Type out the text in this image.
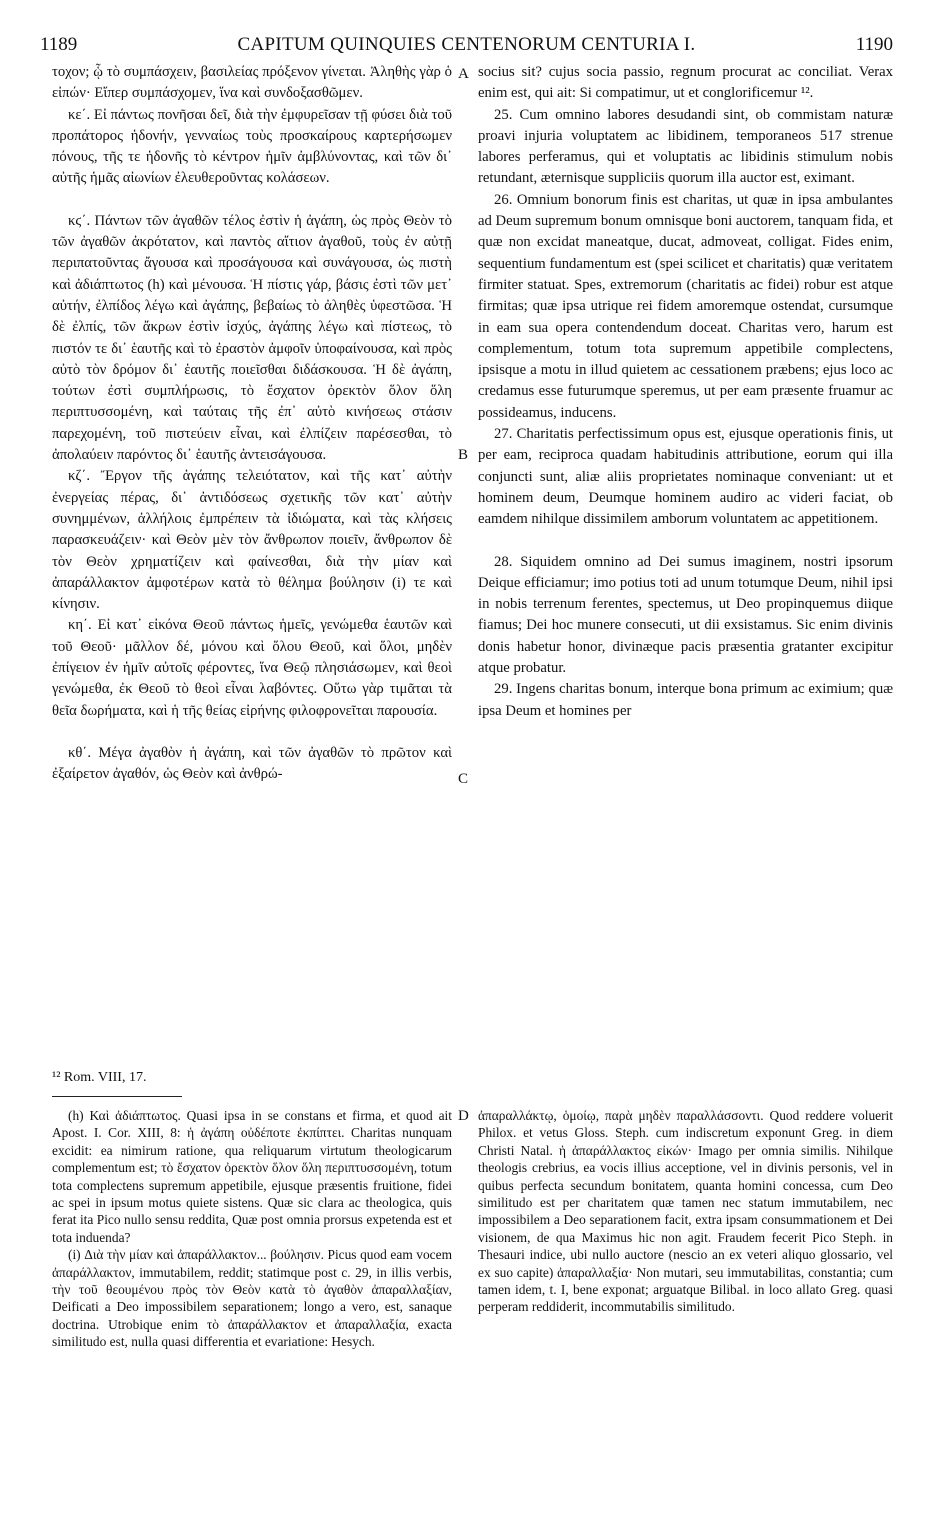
1189	CAPITUM QUINQUIES CENTENORUM CENTURIA I.	1190

τοχον; ᾧ τὸ συμπάσχειν, βασιλείας πρόξενον γίνεται. Ἀληθὴς γὰρ ὁ εἰπών· Εἴπερ συμπάσχομεν, ἵνα καὶ συνδοξασθῶμεν.

κε΄. Εἰ πάντως πονῆσαι δεῖ, διὰ τὴν ἐμφυρεῖσαν τῇ φύσει διὰ τοῦ προπάτορος ἡδονήν, γενναίως τοὺς προσκαίρους καρτερήσωμεν πόνους, τῆς τε ἡδονῆς τὸ κέντρον ἡμῖν ἀμβλύνοντας, καὶ τῶν δι᾿ αὐτῆς ἡμᾶς αἰωνίων ἐλευθεροῦντας κολάσεων.

κϛ΄. Πάντων τῶν ἀγαθῶν τέλος ἐστὶν ἡ ἀγάπη, ὡς πρὸς Θεὸν τὸ τῶν ἀγαθῶν ἀκρότατον, καὶ παντὸς αἴτιον ἀγαθοῦ, τοὺς ἐν αὐτῇ περιπατοῦντας ἄγουσα καὶ προσάγουσα καὶ συνάγουσα, ὡς πιστὴ καὶ ἀδιάπτωτος (h) καὶ μένουσα. Ἡ πίστις γάρ, βάσις ἐστὶ τῶν μετ᾿ αὐτήν, ἐλπίδος λέγω καὶ ἀγάπης, βεβαίως τὸ ἀληθὲς ὑφεστῶσα. Ἡ δὲ ἐλπίς, τῶν ἄκρων ἐστὶν ἰσχύς, ἀγάπης λέγω καὶ πίστεως, τὸ πιστόν τε δι᾿ ἑαυτῆς καὶ τὸ ἐραστὸν ἀμφοῖν ὑποφαίνουσα, καὶ πρὸς αὐτὸ τὸν δρόμον δι᾿ ἑαυτῆς ποιεῖσθαι διδάσκουσα. Ἡ δὲ ἀγάπη, τούτων ἐστὶ συμπλήρωσις, τὸ ἔσχατον ὀρεκτὸν ὅλον ὅλη περιπτυσσομένη, καὶ ταύταις τῆς ἐπ᾿ αὐτὸ κινήσεως στάσιν παρεχομένη, τοῦ πιστεύειν εἶναι, καὶ ἐλπίζειν παρέσεσθαι, τὸ ἀπολαύειν παρόντος δι᾿ ἑαυτῆς ἀντεισάγουσα.

κζ΄. Ἔργον τῆς ἀγάπης τελειότατον, καὶ τῆς κατ᾿ αὐτὴν ἐνεργείας πέρας, δι᾿ ἀντιδόσεως σχετικῆς τῶν κατ᾿ αὐτὴν συνημμένων, ἀλλήλοις ἐμπρέπειν τὰ ἰδιώματα, καὶ τὰς κλήσεις παρασκευάζειν· καὶ Θεὸν μὲν τὸν ἄνθρωπον ποιεῖν, ἄνθρωπον δὲ τὸν Θεὸν χρηματίζειν καὶ φαίνεσθαι, διὰ τὴν μίαν καὶ ἀπαράλλακτον ἀμφοτέρων κατὰ τὸ θέλημα βούλησιν (i) τε καὶ κίνησιν.

κη΄. Εἰ κατ᾿ εἰκόνα Θεοῦ πάντως ἡμεῖς, γενώμεθα ἑαυτῶν καὶ τοῦ Θεοῦ· μᾶλλον δέ, μόνου καὶ ὅλου Θεοῦ, καὶ ὅλοι, μηδὲν ἐπίγειον ἐν ἡμῖν αὐτοῖς φέροντες, ἵνα Θεῷ πλησιάσωμεν, καὶ θεοὶ γενώμεθα, ἐκ Θεοῦ τὸ θεοὶ εἶναι λαβόντες. Οὕτω γὰρ τιμᾶται τὰ θεῖα δωρήματα, καὶ ἡ τῆς θείας εἰρήνης φιλοφρονεῖται παρουσία.

κθ΄. Μέγα ἀγαθὸν ἡ ἀγάπη, καὶ τῶν ἀγαθῶν τὸ πρῶτον καὶ ἐξαίρετον ἀγαθόν, ὡς Θεὸν καὶ ἀνθρώ-

A
B
C
D

socius sit? cujus socia passio, regnum procurat ac conciliat. Verax enim est, qui ait: Si compatimur, ut et conglorificemur ¹².

25. Cum omnino labores desudandi sint, ob commistam naturæ proavi injuria voluptatem ac libidinem, temporaneos 517 strenue labores perferamus, qui et voluptatis ac libidinis stimulum nobis retundant, æternisque suppliciis quorum illa auctor est, eximant.

26. Omnium bonorum finis est charitas, ut quæ in ipsa ambulantes ad Deum supremum bonum omnisque boni auctorem, tanquam fida, et quæ non excidat maneatque, ducat, admoveat, colligat. Fides enim, sequentium fundamentum est (spei scilicet et charitatis) quæ veritatem firmiter statuat. Spes, extremorum (charitatis ac fidei) robur est atque firmitas; quæ ipsa utrique rei fidem amoremque ostendat, cursumque in eam sua opera contendendum doceat. Charitas vero, harum est complementum, totum tota supremum appetibile complectens, ipsisque a motu in illud quietem ac cessationem præbens; ejus loco ac credamus esse futurumque speremus, ut per eam præsente fruamur ac possideamus, inducens.

27. Charitatis perfectissimum opus est, ejusque operationis finis, ut per eam, reciproca quadam habitudinis attributione, eorum qui illa conjuncti sunt, aliæ aliis proprietates nominaque conveniant: ut et hominem deum, Deumque hominem audiro ac videri faciat, ob eamdem nihilque dissimilem amborum voluntatem ac appetitionem.

28. Siquidem omnino ad Dei sumus imaginem, nostri ipsorum Deique efficiamur; imo potius toti ad unum totumque Deum, nihil ipsi in nobis terrenum ferentes, spectemus, ut Deo propinquemus diique fiamus; Dei hoc munere consecuti, ut dii exsistamus. Sic enim divinis donis habetur honor, divinæque pacis præsentia gratanter excipitur atque probatur.

29. Ingens charitas bonum, interque bona primum ac eximium; quæ ipsa Deum et homines per

¹² Rom. VIII, 17.

(h) Καὶ ἀδιάπτωτος. Quasi ipsa in se constans et firma, et quod ait Apost. I. Cor. XIII, 8: ἡ ἀγάπη οὐδέποτε ἐκπίπτει. Charitas nunquam excidit: ea nimirum ratione, qua reliquarum virtutum theologicarum complementum est; τὸ ἔσχατον ὀρεκτὸν ὅλον ὅλη περιπτυσσομένη, totum tota complectens supremum appetibile, ejusque præsentis fruitione, fidei ac spei in ipsum motus quiete sistens. Quæ sic clara ac theologica, quis ferat ita Pico nullo sensu reddita, Quæ post omnia prorsus expetenda est et tota induenda?

(i) Διὰ τὴν μίαν καὶ ἀπαράλλακτον... βούλησιν. Picus quod eam vocem ἀπαράλλακτον, immutabilem, reddit; statimque post c. 29, in illis verbis, τὴν τοῦ θεουμένου πρὸς τὸν Θεὸν κατὰ τὸ ἀγαθὸν ἀπαραλλαξίαν, Deificati a Deo impossibilem separationem; longo a vero, est, sanaque doctrina. Utrobique enim τὸ ἀπαράλλακτον et ἀπαραλλαξία, exacta similitudo est, nulla quasi differentia et evariatione: Hesych.

ἀπαραλλάκτῳ, ὁμοίῳ, παρὰ μηδὲν παραλλάσσοντι. Quod reddere voluerit Philox. et vetus Gloss. Steph. cum indiscretum exponunt Greg. in diem Christi Natal. ἡ ἀπαράλλακτος εἰκών· Imago per omnia similis. Nihilque theologis crebrius, ea vocis illius acceptione, vel in divinis personis, vel in quibus perfecta secundum bonitatem, quanta homini concessa, cum Deo similitudo est per charitatem quæ tamen nec statum immutabilem, nec impossibilem a Deo separationem facit, extra ipsam consummationem et Dei visionem, de qua Maximus hic non agit. Fraudem fecerit Pico Steph. in Thesauri indice, ubi nullo auctore (nescio an ex veteri aliquo glossario, vel ex suo capite) ἀπαραλλαξία· Non mutari, seu immutabilitas, constantia; cum tamen idem, t. I, bene exponat; arguatque Bilibal. in loco allato Greg. quasi perperam reddiderit, incommutabilis similitudo.
